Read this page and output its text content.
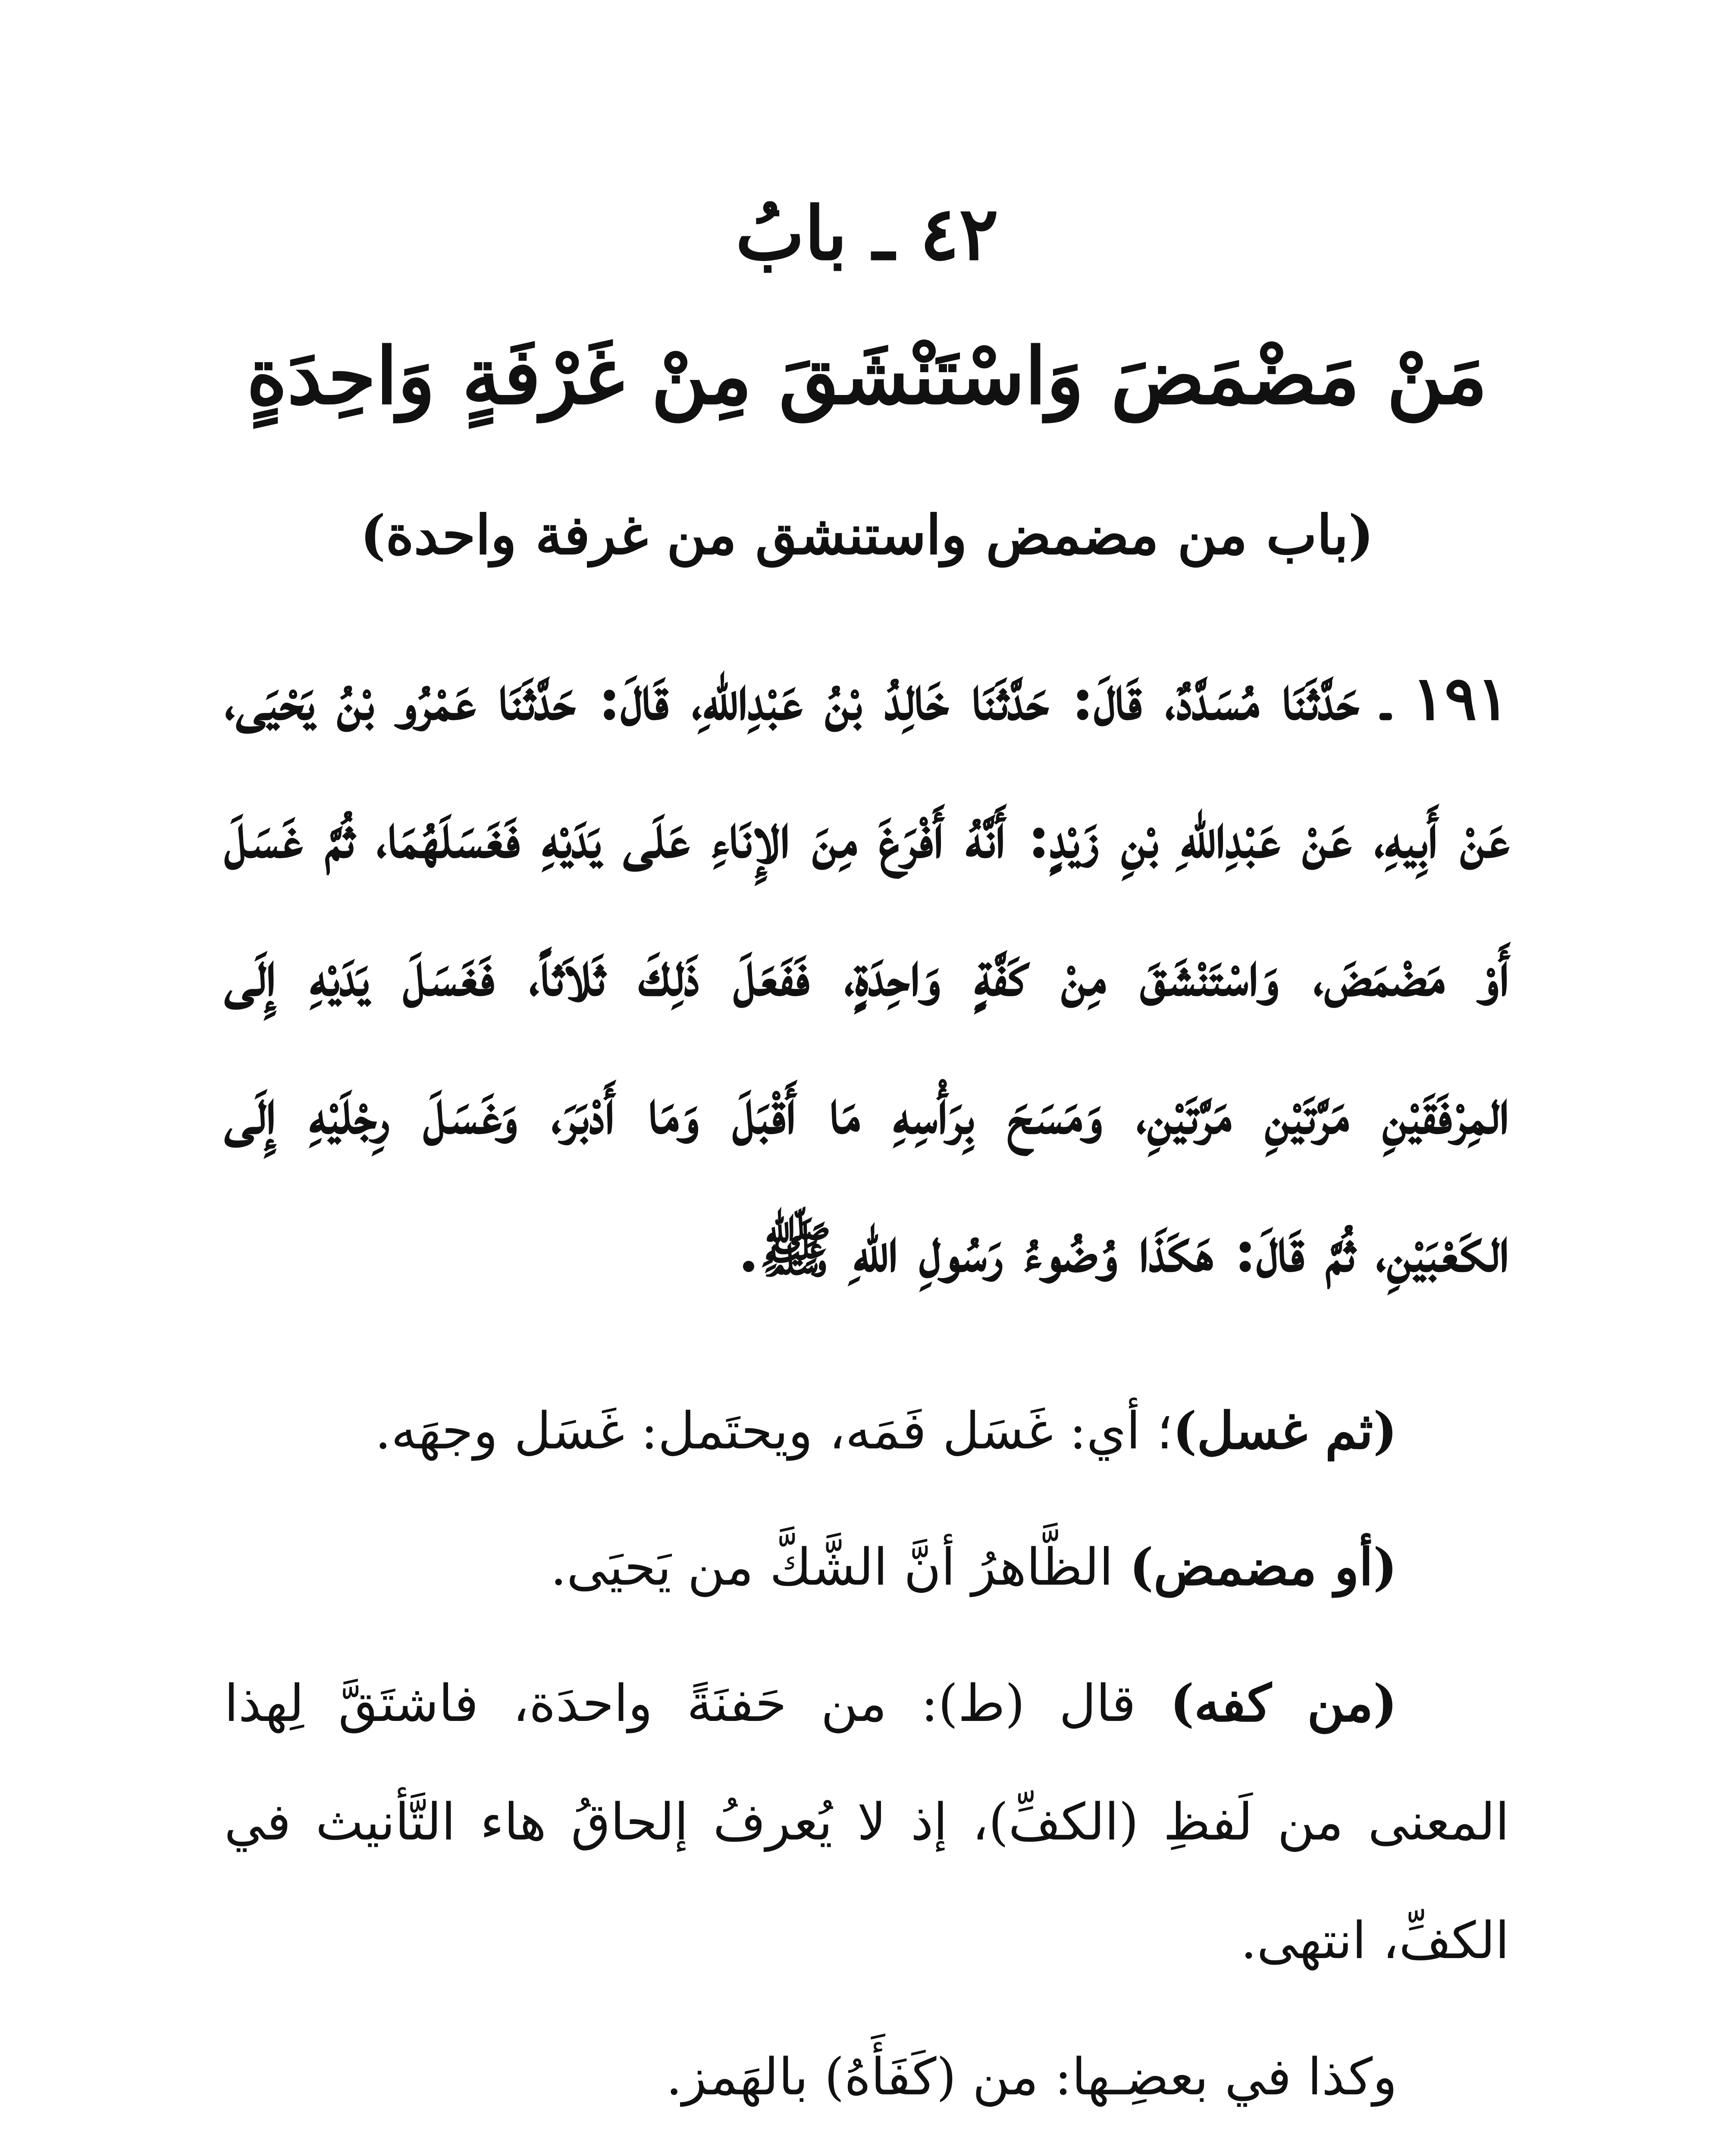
٤٢ ـ بابُ
مَنْ مَضْمَضَ وَاسْتَنْشَقَ مِنْ غَرْفَةٍ وَاحِدَةٍ
(باب من مضمض واستنشق من غرفة واحدة)
١٩١ ـ حَدَّثَنَا مُسَدَّدٌ، قَالَ: حَدَّثَنَا خَالِدُ بْنُ عَبْدِاللهِ، قَالَ: حَدَّثَنَا عَمْرُو بْنُ يَحْيَى، عَنْ أَبِيهِ، عَنْ عَبْدِاللهِ بْنِ زَيْدٍ: أَنَّهُ أَفْرَغَ مِنَ الإِنَاءِ عَلَى يَدَيْهِ فَغَسَلَهُمَا، ثُمَّ غَسَلَ أَوْ مَضْمَضَ، وَاسْتَنْشَقَ مِنْ كَفَّةٍ وَاحِدَةٍ، فَفَعَلَ ذَلِكَ ثَلاَثاً، فَغَسَلَ يَدَيْهِ إِلَى المِرْفَقَيْنِ مَرَّتَيْنِ مَرَّتَيْنِ، وَمَسَحَ بِرَأْسِهِ مَا أَقْبَلَ وَمَا أَدْبَرَ، وَغَسَلَ رِجْلَيْهِ إِلَى الكَعْبَيْنِ، ثُمَّ قَالَ: هَكَذَا وُضُوءُ رَسُولِ اللهِ ﷺ.

(ثم غسل)؛ أي: غَسَل فَمَه، ويحتَمل: غَسَل وجهَه.

(أو مضمض) الظَّاهرُ أنَّ الشَّكَّ من يَحيَى.

(من كفه) قال (ط): من حَفنَةً واحدَة، فاشتَقَّ لِهذا المعنى من لَفظِ (الكفِّ)، إذ لا يُعرفُ إلحاقُ هاء التَّأنيث في الكفِّ، انتهى.

وكذا في بعضِـها: من (كَفَأَهُ) بالهَمز.
